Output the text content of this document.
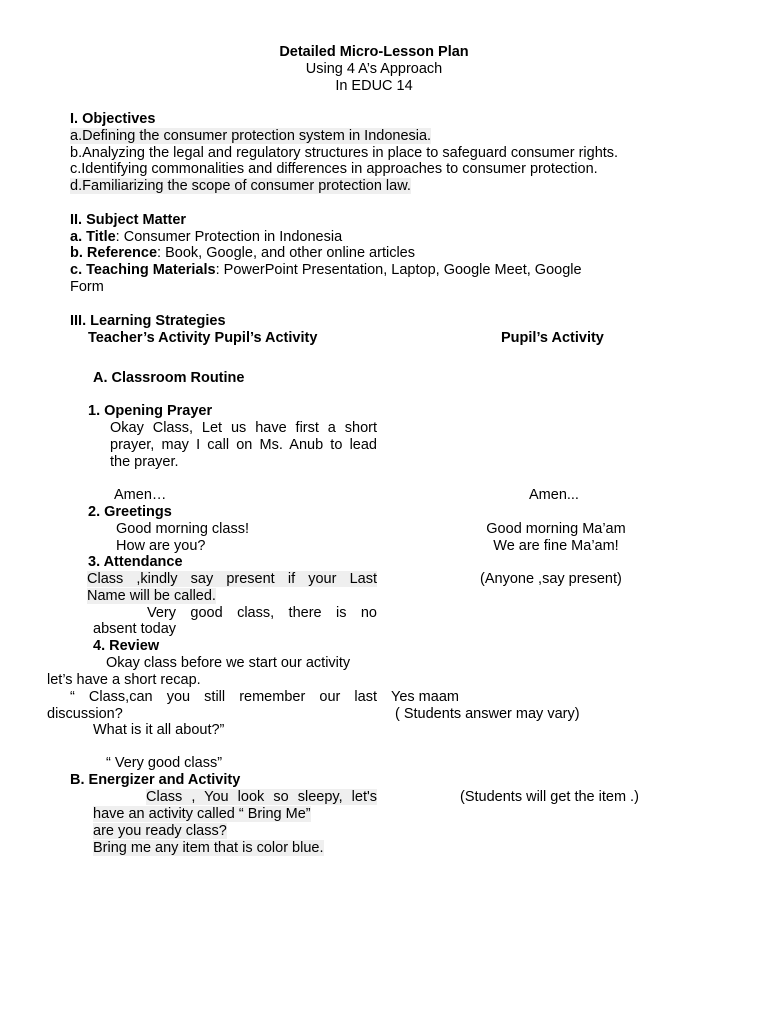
Detailed Micro-Lesson Plan
Using 4 A’s Approach
In EDUC 14
I. Objectives
a.Defining the consumer protection system in Indonesia.
b.Analyzing the legal and regulatory structures in place to safeguard consumer rights.
c.Identifying commonalities and differences in approaches to consumer protection.
d.Familiarizing the scope of consumer protection law.
II. Subject Matter
a. Title: Consumer Protection in Indonesia
b. Reference: Book, Google, and other online articles
c. Teaching Materials: PowerPoint Presentation, Laptop, Google Meet, Google
Form
III. Learning Strategies
Teacher’s Activity Pupil’s Activity	Pupil’s Activity
A. Classroom Routine
1. Opening Prayer
Okay Class, Let us have first a short
prayer, may I call on Ms. Anub to lead
the prayer.
Amen…	Amen...
2. Greetings
Good morning class!
How are you?
Good morning Ma’am
We are fine Ma’am!
3. Attendance
Class ,kindly say present if your Last
Name will be called.
(Anyone ,say present)
Very good class, there is no
absent today
4. Review
Okay class before we start our activity
let’s have a short recap.
“ Class,can you still remember our last
discussion?
What is it all about?”
“ Very good class”
Yes maam
( Students answer may vary)
B. Energizer and Activity
Class , You look so sleepy, let's
have an activity called “ Bring Me”
are you ready class?
Bring me any item that is color blue.
(Students will get the item .)
